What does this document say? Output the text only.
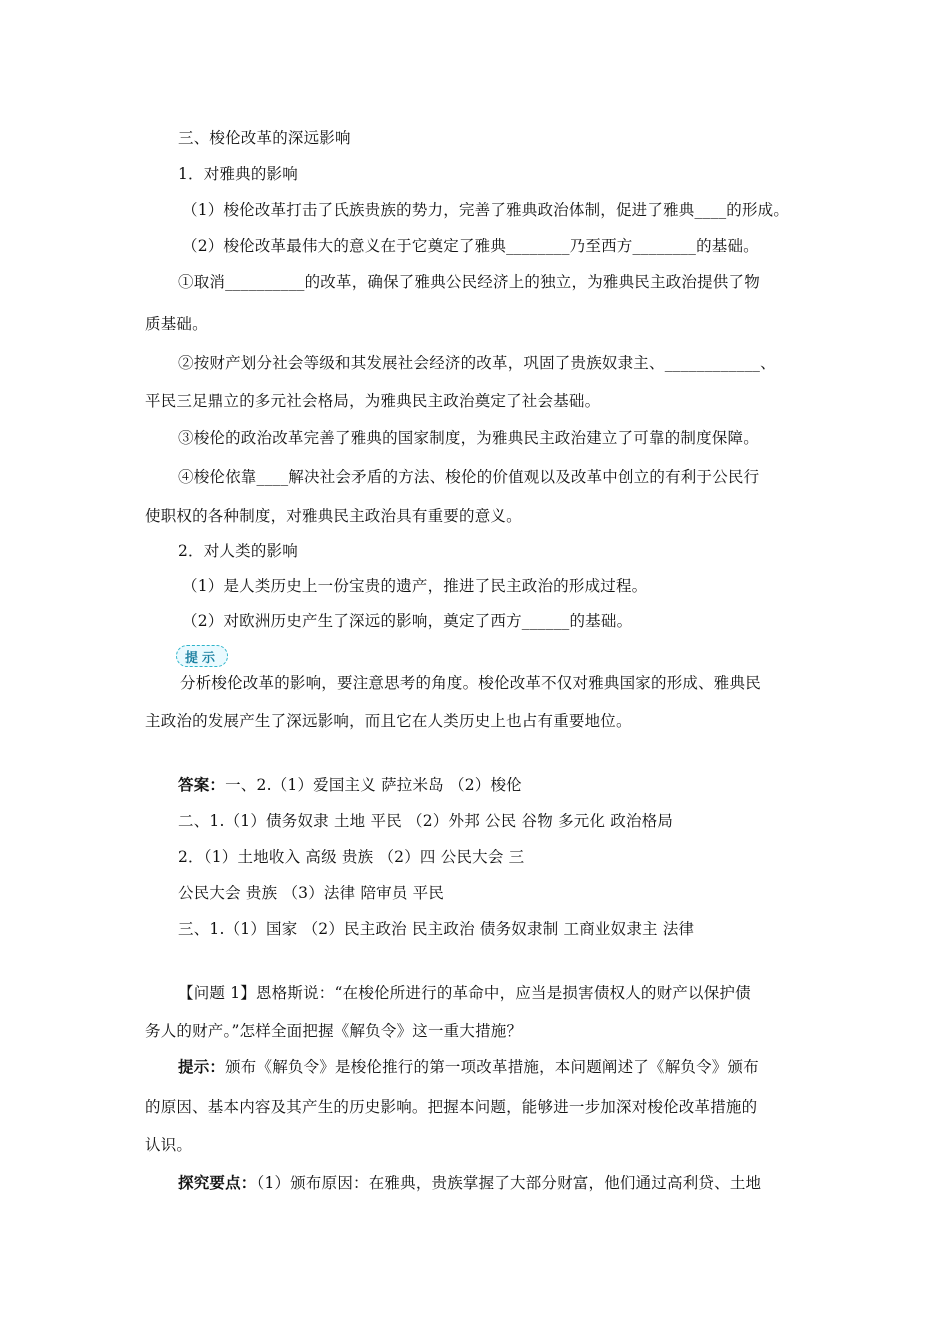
三、梭伦改革的深远影响
1．对雅典的影响
（1）梭伦改革打击了氏族贵族的势力，完善了雅典政治体制，促进了雅典____的形成。
（2）梭伦改革最伟大的意义在于它奠定了雅典________乃至西方________的基础。
①取消__________的改革，确保了雅典公民经济上的独立，为雅典民主政治提供了物
质基础。
②按财产划分社会等级和其发展社会经济的改革，巩固了贵族奴隶主、____________、
平民三足鼎立的多元社会格局，为雅典民主政治奠定了社会基础。
③梭伦的政治改革完善了雅典的国家制度，为雅典民主政治建立了可靠的制度保障。
④梭伦依靠____解决社会矛盾的方法、梭伦的价值观以及改革中创立的有利于公民行
使职权的各种制度，对雅典民主政治具有重要的意义。
2．对人类的影响
（1）是人类历史上一份宝贵的遗产，推进了民主政治的形成过程。
（2）对欧洲历史产生了深远的影响，奠定了西方______的基础。
提示
分析梭伦改革的影响，要注意思考的角度。梭伦改革不仅对雅典国家的形成、雅典民
主政治的发展产生了深远影响，而且它在人类历史上也占有重要地位。
答案：一、2.（1）爱国主义 萨拉米岛 （2）梭伦
二、1.（1）债务奴隶 土地 平民 （2）外邦 公民 谷物 多元化 政治格局
2．（1）土地收入 高级 贵族 （2）四 公民大会 三
公民大会 贵族 （3）法律 陪审员 平民
三、1.（1）国家 （2）民主政治 民主政治 债务奴隶制 工商业奴隶主 法律
【问题 1】恩格斯说：“在梭伦所进行的革命中，应当是损害债权人的财产以保护债
务人的财产。”怎样全面把握《解负令》这一重大措施？
提示：颁布《解负令》是梭伦推行的第一项改革措施，本问题阐述了《解负令》颁布
的原因、基本内容及其产生的历史影响。把握本问题，能够进一步加深对梭伦改革措施的
认识。
探究要点：（1）颁布原因：在雅典，贵族掌握了大部分财富，他们通过高利贷、土地
